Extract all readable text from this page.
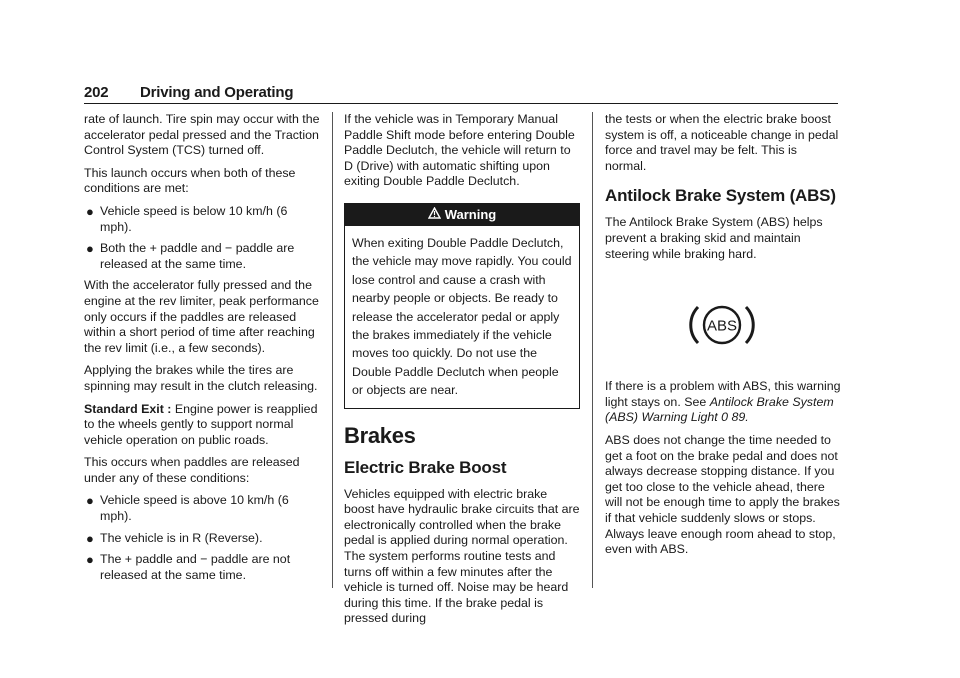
202 Driving and Operating

rate of launch. Tire spin may occur with the accelerator pedal pressed and the Traction Control System (TCS) turned off.

This launch occurs when both of these conditions are met:

● Vehicle speed is below 10 km/h (6 mph).
● Both the + paddle and − paddle are released at the same time.

With the accelerator fully pressed and the engine at the rev limiter, peak performance only occurs if the paddles are released within a short period of time after reaching the rev limit (i.e., a few seconds).

Applying the brakes while the tires are spinning may result in the clutch releasing.

Standard Exit : Engine power is reapplied to the wheels gently to support normal vehicle operation on public roads.

This occurs when paddles are released under any of these conditions:

● Vehicle speed is above 10 km/h (6 mph).
● The vehicle is in R (Reverse).
● The + paddle and − paddle are not released at the same time.

If the vehicle was in Temporary Manual Paddle Shift mode before entering Double Paddle Declutch, the vehicle will return to D (Drive) with automatic shifting upon exiting Double Paddle Declutch.

Warning
When exiting Double Paddle Declutch, the vehicle may move rapidly. You could lose control and cause a crash with nearby people or objects. Be ready to release the accelerator pedal or apply the brakes immediately if the vehicle moves too quickly. Do not use the Double Paddle Declutch when people or objects are near.
Brakes
Electric Brake Boost

Vehicles equipped with electric brake boost have hydraulic brake circuits that are electronically controlled when the brake pedal is applied during normal operation. The system performs routine tests and turns off within a few minutes after the vehicle is turned off. Noise may be heard during this time. If the brake pedal is pressed during

the tests or when the electric brake boost system is off, a noticeable change in pedal force and travel may be felt. This is normal.

Antilock Brake System (ABS)

The Antilock Brake System (ABS) helps prevent a braking skid and maintain steering while braking hard.

ABS

If there is a problem with ABS, this warning light stays on. See Antilock Brake System (ABS) Warning Light 0 89.

ABS does not change the time needed to get a foot on the brake pedal and does not always decrease stopping distance. If you get too close to the vehicle ahead, there will not be enough time to apply the brakes if that vehicle suddenly slows or stops. Always leave enough room ahead to stop, even with ABS.
